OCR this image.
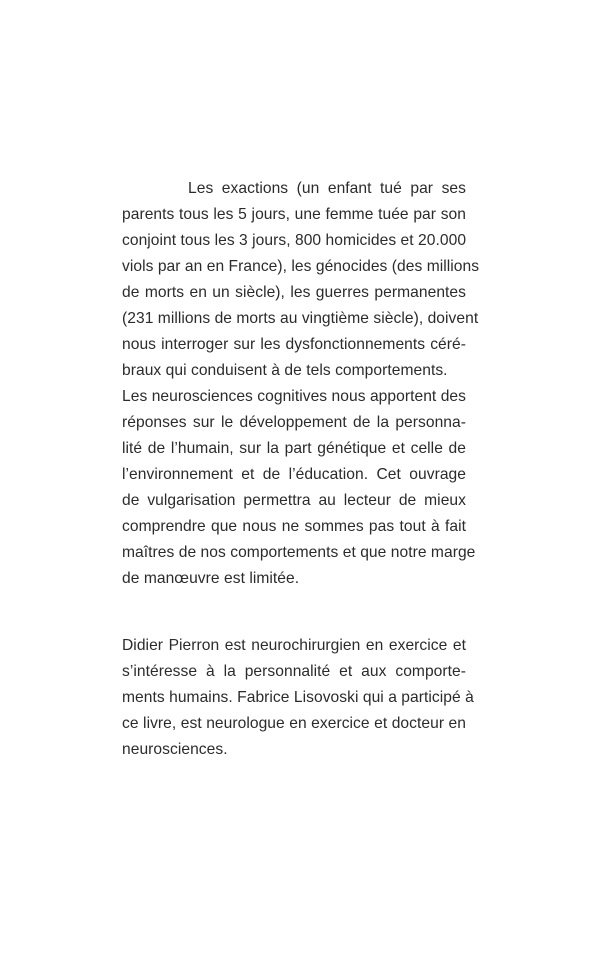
Les exactions (un enfant tué par ses
parents tous les 5 jours, une femme tuée par son
conjoint tous les 3 jours, 800 homicides et 20.000
viols par an en France), les génocides (des millions
de morts en un siècle), les guerres permanentes
(231 millions de morts au vingtième siècle), doivent
nous interroger sur les dysfonctionnements céré-
braux qui conduisent à de tels comportements.
Les neurosciences cognitives nous apportent des
réponses sur le développement de la personna-
lité de l’humain, sur la part génétique et celle de
l’environnement et de l’éducation. Cet ouvrage
de vulgarisation permettra au lecteur de mieux
comprendre que nous ne sommes pas tout à fait
maîtres de nos comportements et que notre marge
de manœuvre est limitée.
Didier Pierron est neurochirurgien en exercice et
s’intéresse à la personnalité et aux comporte-
ments humains. Fabrice Lisovoski qui a participé à
ce livre, est neurologue en exercice et docteur en
neurosciences.
